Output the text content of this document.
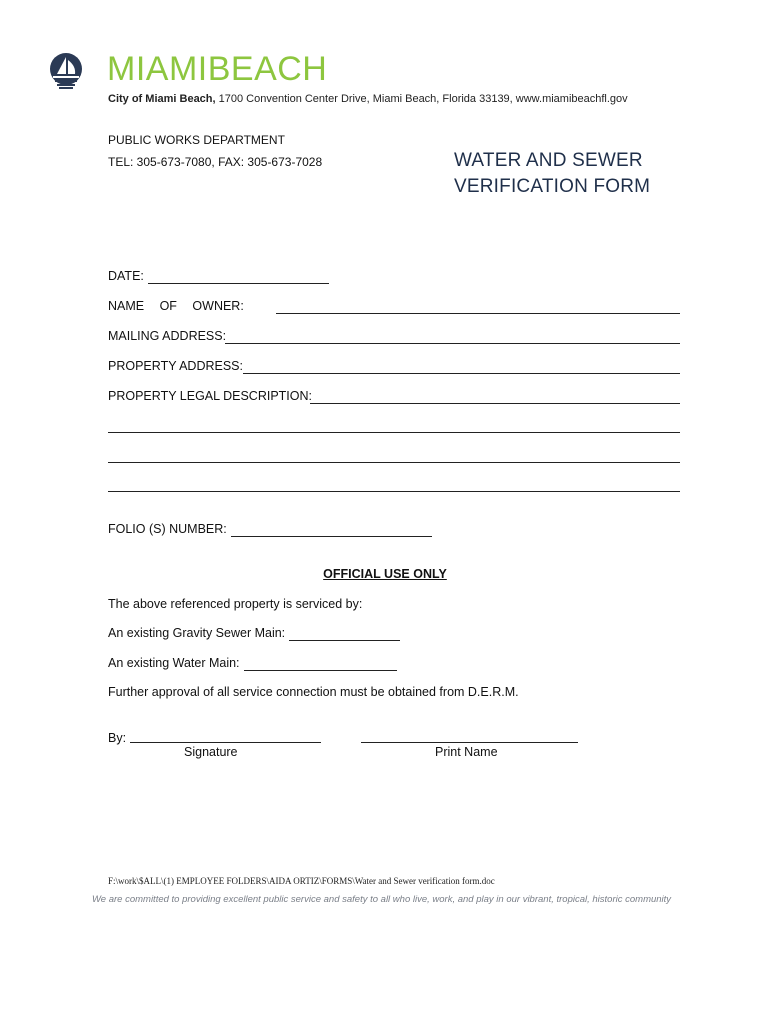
MIAMIBEACH
City of Miami Beach, 1700 Convention Center Drive, Miami Beach, Florida 33139, www.miamibeachfl.gov
PUBLIC WORKS DEPARTMENT
TEL: 305-673-7080, FAX: 305-673-7028	WATER AND SEWER
VERIFICATION FORM
DATE:
NAME OF OWNER:
MAILING ADDRESS:
PROPERTY ADDRESS:
PROPERTY LEGAL DESCRIPTION:
FOLIO (S) NUMBER:
OFFICIAL USE ONLY
The above referenced property is serviced by:
An existing Gravity Sewer Main:
An existing Water Main:
Further approval of all service connection must be obtained from D.E.R.M.
By:
Signature	Print Name
F:\work\$ALL\(1) EMPLOYEE FOLDERS\AIDA ORTIZ\FORMS\Water and Sewer verification form.doc
We are committed to providing excellent public service and safety to all who live, work, and play in our vibrant, tropical, historic community
